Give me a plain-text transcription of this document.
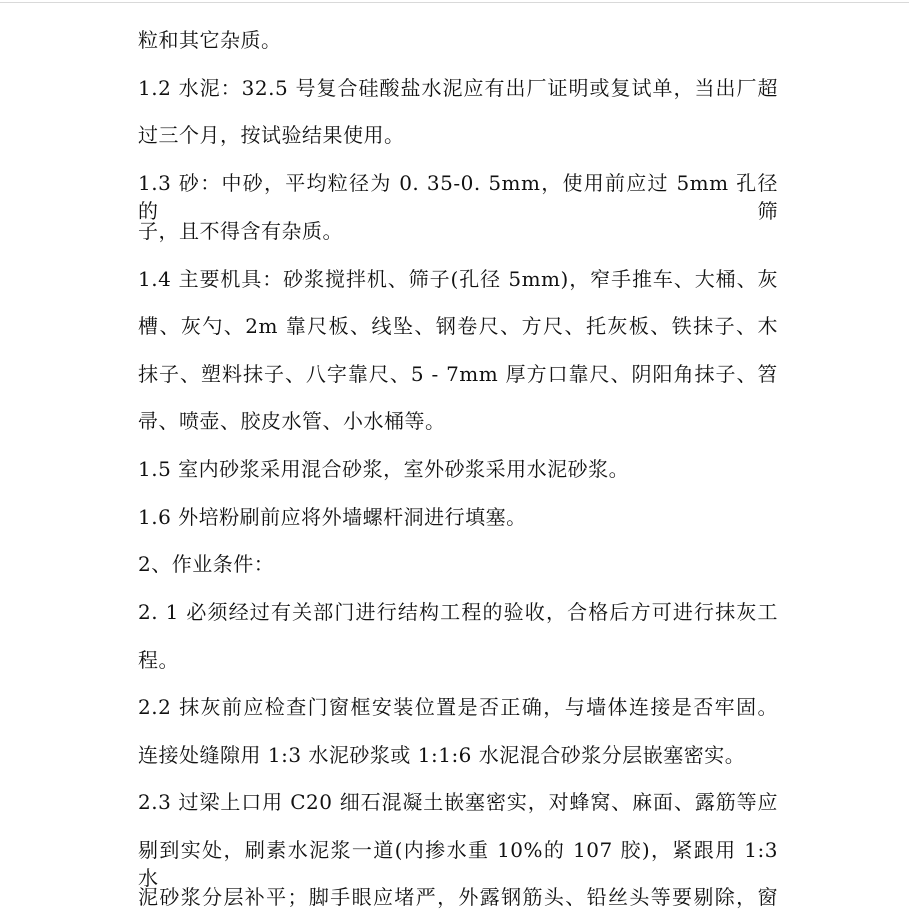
粒和其它杂质。

1.2 水泥：32.5 号复合硅酸盐水泥应有出厂证明或复试单，当出厂超

过三个月，按试验结果使用。

1.3 砂：中砂，平均粒径为 0. 35-0. 5mm，使用前应过 5mm 孔径的筛

子，且不得含有杂质。

1.4 主要机具：砂浆搅拌机、筛子(孔径 5mm)，窄手推车、大桶、灰

槽、灰勺、2m 靠尺板、线坠、钢卷尺、方尺、托灰板、铁抹子、木

抹子、塑料抹子、八字靠尺、5 - 7mm 厚方口靠尺、阴阳角抹子、笤

帚、喷壶、胶皮水管、小水桶等。

1.5 室内砂浆采用混合砂浆，室外砂浆采用水泥砂浆。

1.6 外培粉刷前应将外墙螺杆洞进行填塞。

2、作业条件：

2. 1 必须经过有关部门进行结构工程的验收，合格后方可进行抹灰工

程。

2.2 抹灰前应检查门窗框安装位置是否正确，与墙体连接是否牢固。

连接处缝隙用 1:3 水泥砂浆或 1:1:6 水泥混合砂浆分层嵌塞密实。

2.3 过梁上口用 C20 细石混凝土嵌塞密实，对蜂窝、麻面、露筋等应

剔到实处，刷素水泥浆一道(内掺水重 10%的 107 胶)，紧跟用 1:3 水

泥砂浆分层补平；脚手眼应堵严，外露钢筋头、铅丝头等要剔除，窗
